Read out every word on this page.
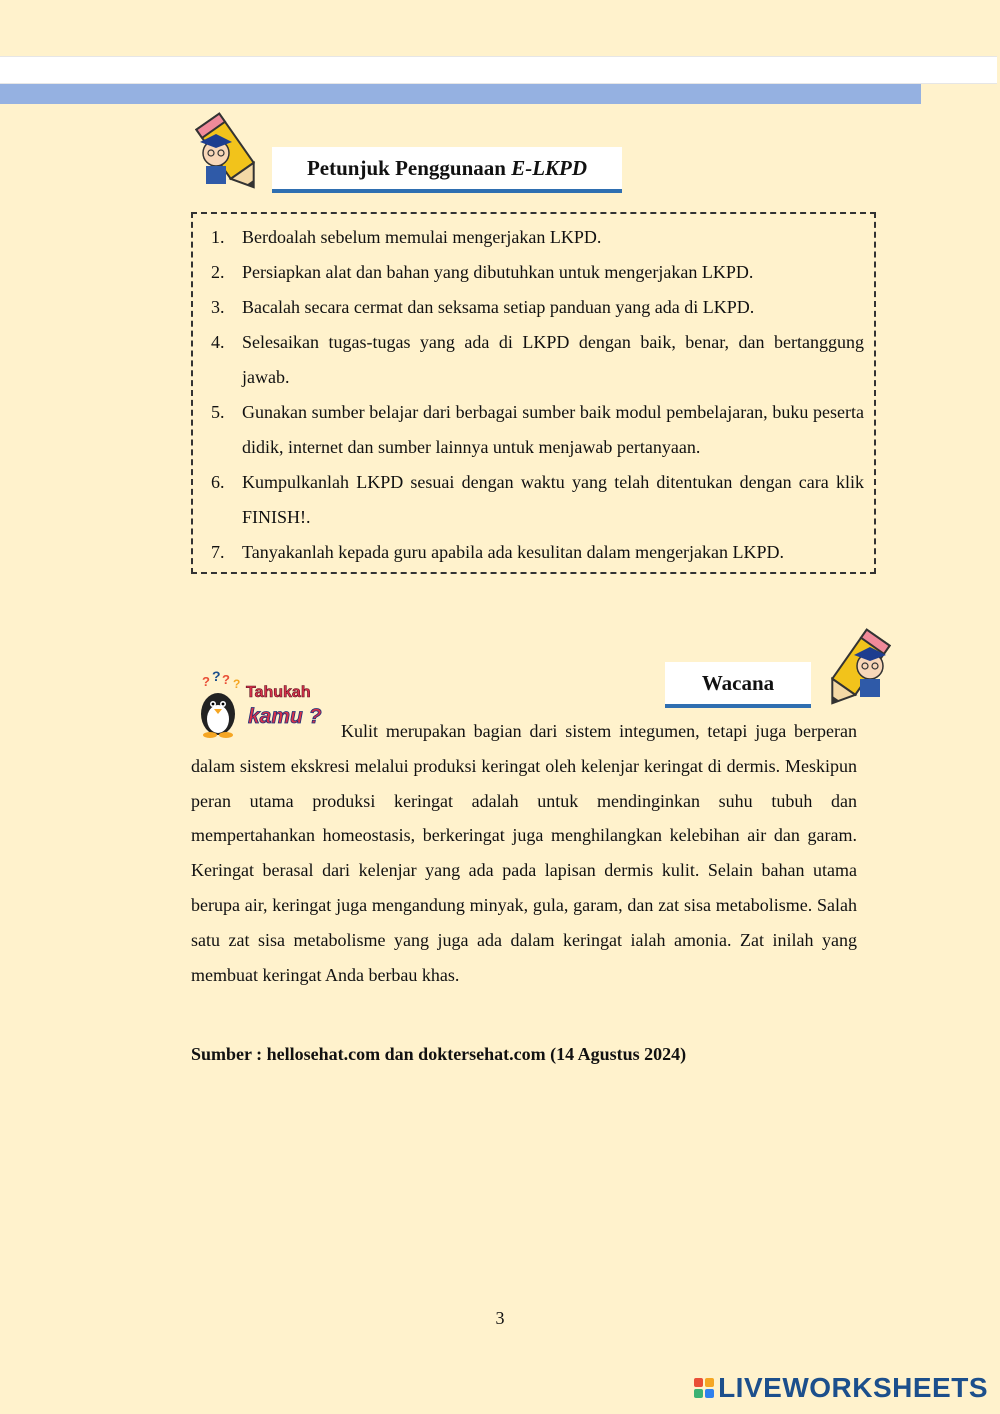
Petunjuk Penggunaan E-LKPD
1. Berdoalah sebelum memulai mengerjakan LKPD.
2. Persiapkan alat dan bahan yang dibutuhkan untuk mengerjakan LKPD.
3. Bacalah secara cermat dan seksama setiap panduan yang ada di LKPD.
4. Selesaikan tugas-tugas yang ada di LKPD dengan baik, benar, dan bertanggung jawab.
5. Gunakan sumber belajar dari berbagai sumber baik modul pembelajaran, buku peserta didik, internet dan sumber lainnya untuk menjawab pertanyaan.
6. Kumpulkanlah LKPD sesuai dengan waktu yang telah ditentukan dengan cara klik FINISH!.
7. Tanyakanlah kepada guru apabila ada kesulitan dalam mengerjakan LKPD.
Wacana
? ? ? ? Tahukah
kamu ?

Kulit merupakan bagian dari sistem integumen, tetapi juga berperan dalam sistem ekskresi melalui produksi keringat oleh kelenjar keringat di dermis. Meskipun peran utama produksi keringat adalah untuk mendinginkan suhu tubuh dan mempertahankan homeostasis, berkeringat juga menghilangkan kelebihan air dan garam. Keringat berasal dari kelenjar yang ada pada lapisan dermis kulit. Selain bahan utama berupa air, keringat juga mengandung minyak, gula, garam, dan zat sisa metabolisme. Salah satu zat sisa metabolisme yang juga ada dalam keringat ialah amonia. Zat inilah yang membuat keringat Anda berbau khas.

Sumber : hellosehat.com dan doktersehat.com (14 Agustus 2024)
3
LIVEWORKSHEETS
